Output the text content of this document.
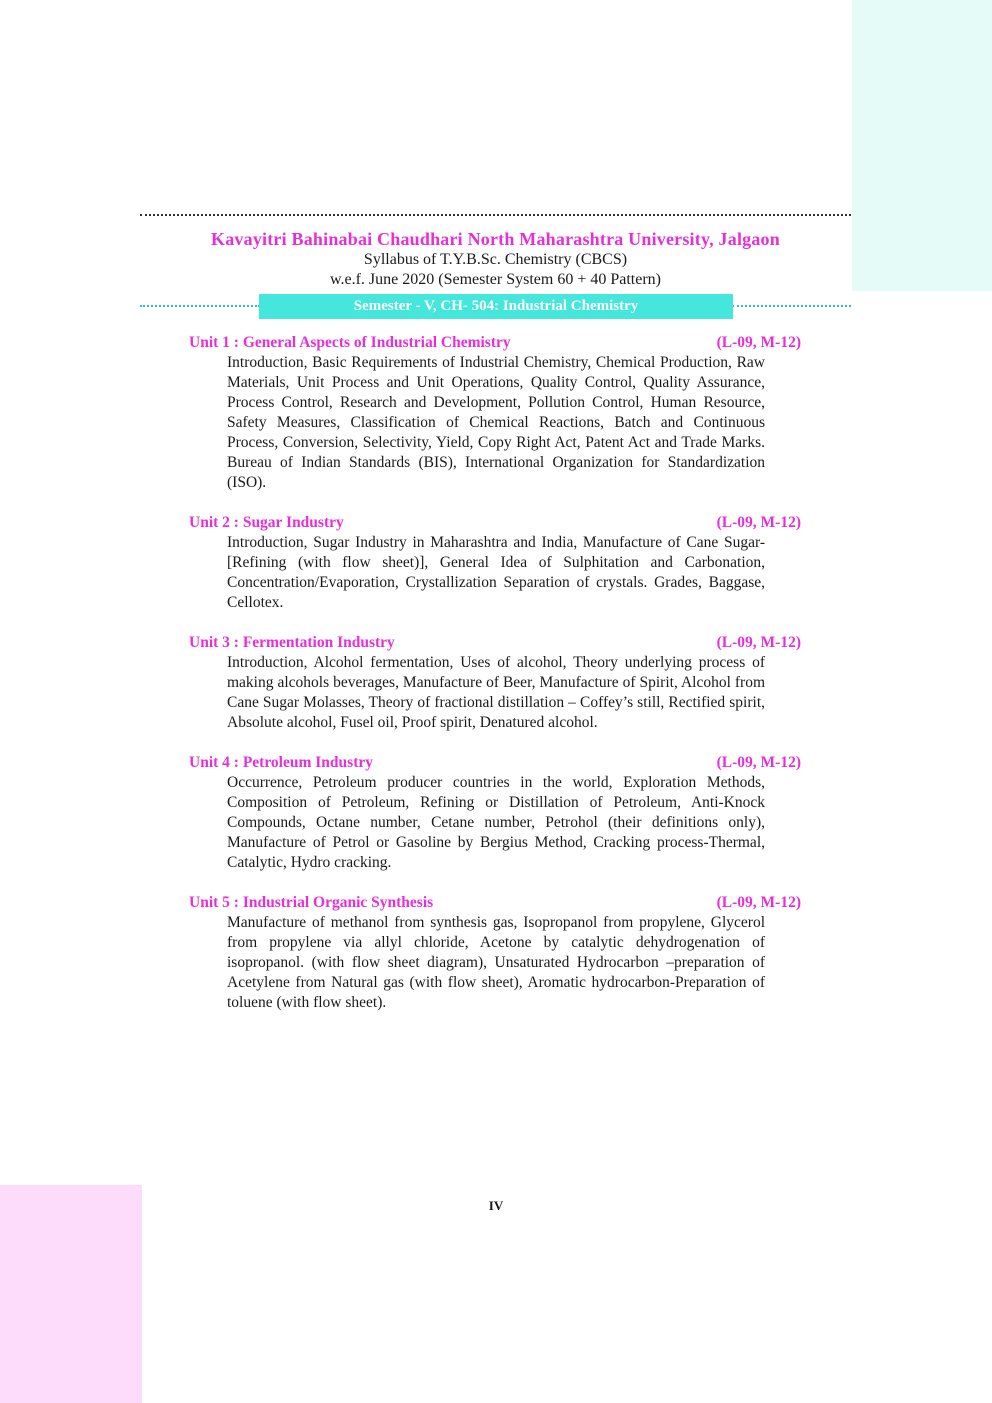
Kavayitri Bahinabai Chaudhari North Maharashtra University, Jalgaon
Syllabus of T.Y.B.Sc. Chemistry (CBCS)
w.e.f. June 2020 (Semester System 60 + 40 Pattern)
Semester - V, CH- 504: Industrial Chemistry
Unit 1 : General Aspects of Industrial Chemistry	(L-09, M-12)
Introduction, Basic Requirements of Industrial Chemistry, Chemical Production, Raw Materials, Unit Process and Unit Operations, Quality Control, Quality Assurance, Process Control, Research and Development, Pollution Control, Human Resource, Safety Measures, Classification of Chemical Reactions, Batch and Continuous Process, Conversion, Selectivity, Yield, Copy Right Act, Patent Act and Trade Marks. Bureau of Indian Standards (BIS), International Organization for Standardization (ISO).
Unit 2 : Sugar Industry	(L-09, M-12)
Introduction, Sugar Industry in Maharashtra and India, Manufacture of Cane Sugar-[Refining (with flow sheet)], General Idea of Sulphitation and Carbonation, Concentration/Evaporation, Crystallization Separation of crystals. Grades, Baggase, Cellotex.
Unit 3 : Fermentation Industry	(L-09, M-12)
Introduction, Alcohol fermentation, Uses of alcohol, Theory underlying process of making alcohols beverages, Manufacture of Beer, Manufacture of Spirit, Alcohol from Cane Sugar Molasses, Theory of fractional distillation – Coffey’s still, Rectified spirit, Absolute alcohol, Fusel oil, Proof spirit, Denatured alcohol.
Unit 4 : Petroleum Industry	(L-09, M-12)
Occurrence, Petroleum producer countries in the world, Exploration Methods, Composition of Petroleum, Refining or Distillation of Petroleum, Anti-Knock Compounds, Octane number, Cetane number, Petrohol (their definitions only), Manufacture of Petrol or Gasoline by Bergius Method, Cracking process-Thermal, Catalytic, Hydro cracking.
Unit 5 : Industrial Organic Synthesis	(L-09, M-12)
Manufacture of methanol from synthesis gas, Isopropanol from propylene, Glycerol from propylene via allyl chloride, Acetone by catalytic dehydrogenation of isopropanol. (with flow sheet diagram), Unsaturated Hydrocarbon –preparation of Acetylene from Natural gas (with flow sheet), Aromatic hydrocarbon-Preparation of toluene (with flow sheet).
IV
